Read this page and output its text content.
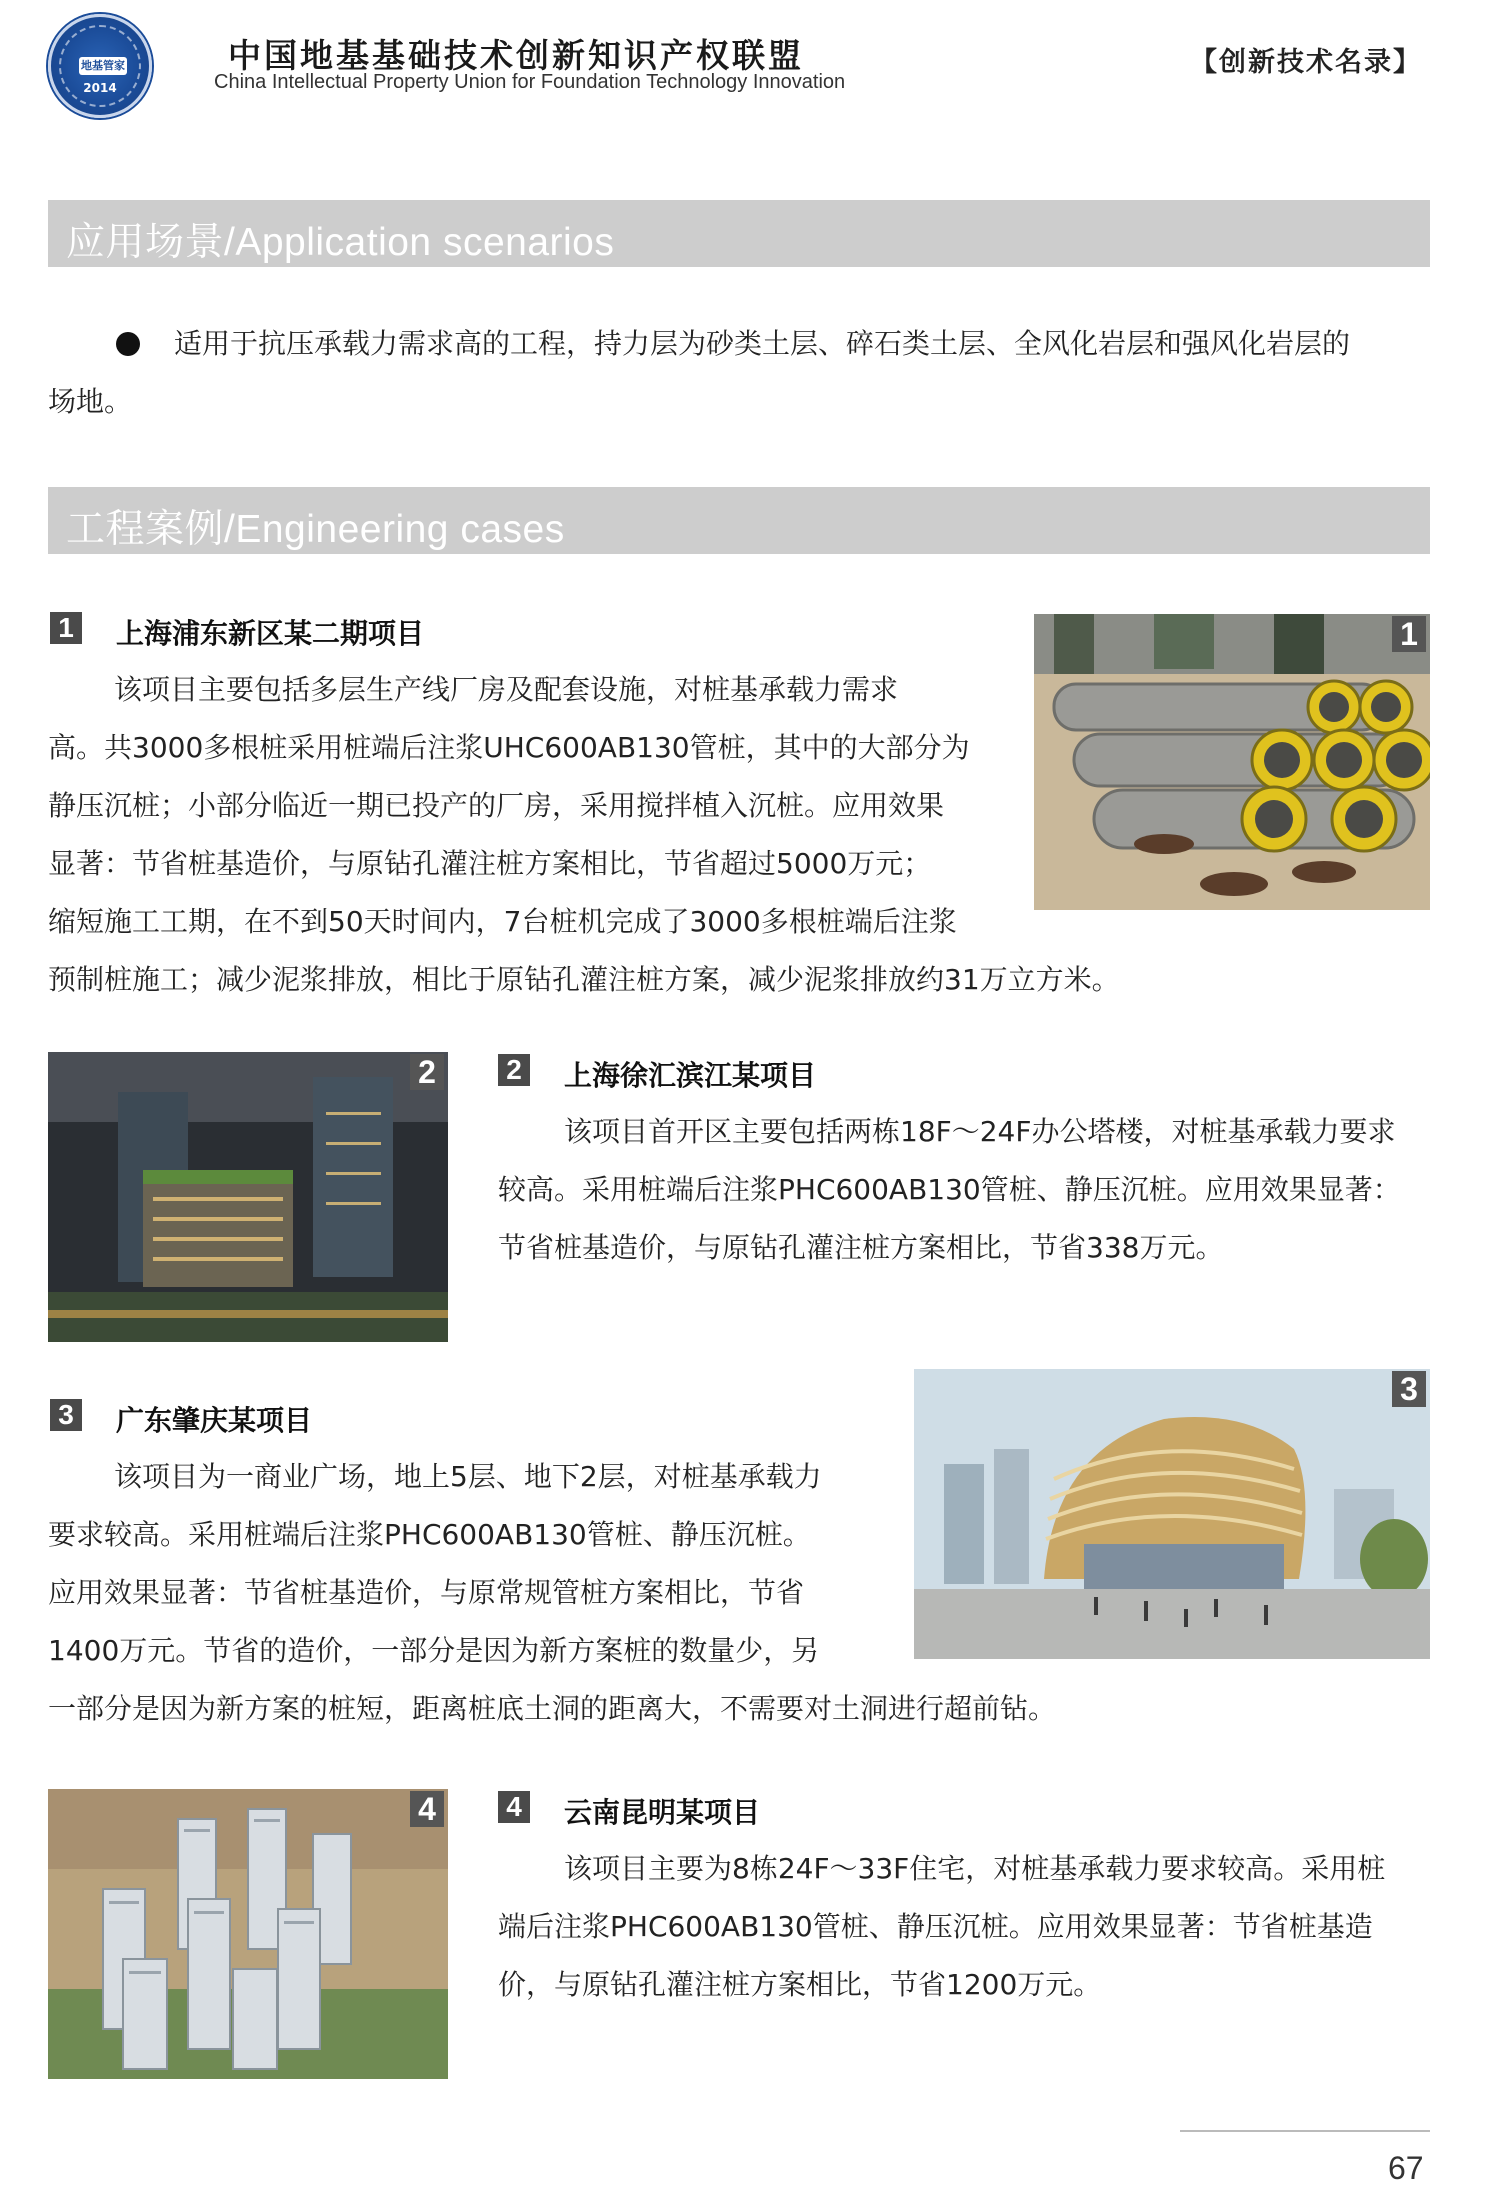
地基管家
2014
中国地基基础技术创新知识产权联盟
China Intellectual Property Union for Foundation Technology Innovation
【创新技术名录】
应用场景/Application scenarios
适用于抗压承载力需求高的工程，持力层为砂类土层、碎石类土层、全风化岩层和强风化岩层的
场地。
工程案例/Engineering cases
1 上海浦东新区某二期项目
该项目主要包括多层生产线厂房及配套设施，对桩基承载力需求
高。共3000多根桩采用桩端后注浆UHC600AB130管桩，其中的大部分为
静压沉桩；小部分临近一期已投产的厂房，采用搅拌植入沉桩。应用效果
显著：节省桩基造价，与原钻孔灌注桩方案相比，节省超过5000万元；
缩短施工工期，在不到50天时间内，7台桩机完成了3000多根桩端后注浆
预制桩施工；减少泥浆排放，相比于原钻孔灌注桩方案，减少泥浆排放约31万立方米。
1
2	2 上海徐汇滨江某项目
该项目首开区主要包括两栋18F～24F办公塔楼，对桩基承载力要求
较高。采用桩端后注浆PHC600AB130管桩、静压沉桩。应用效果显著：
节省桩基造价，与原钻孔灌注桩方案相比，节省338万元。
3 广东肇庆某项目
该项目为一商业广场，地上5层、地下2层，对桩基承载力
要求较高。采用桩端后注浆PHC600AB130管桩、静压沉桩。
应用效果显著：节省桩基造价，与原常规管桩方案相比，节省
1400万元。节省的造价，一部分是因为新方案桩的数量少，另
一部分是因为新方案的桩短，距离桩底土洞的距离大，不需要对土洞进行超前钻。
3
4	4 云南昆明某项目
该项目主要为8栋24F～33F住宅，对桩基承载力要求较高。采用桩
端后注浆PHC600AB130管桩、静压沉桩。应用效果显著：节省桩基造
价，与原钻孔灌注桩方案相比，节省1200万元。
67
